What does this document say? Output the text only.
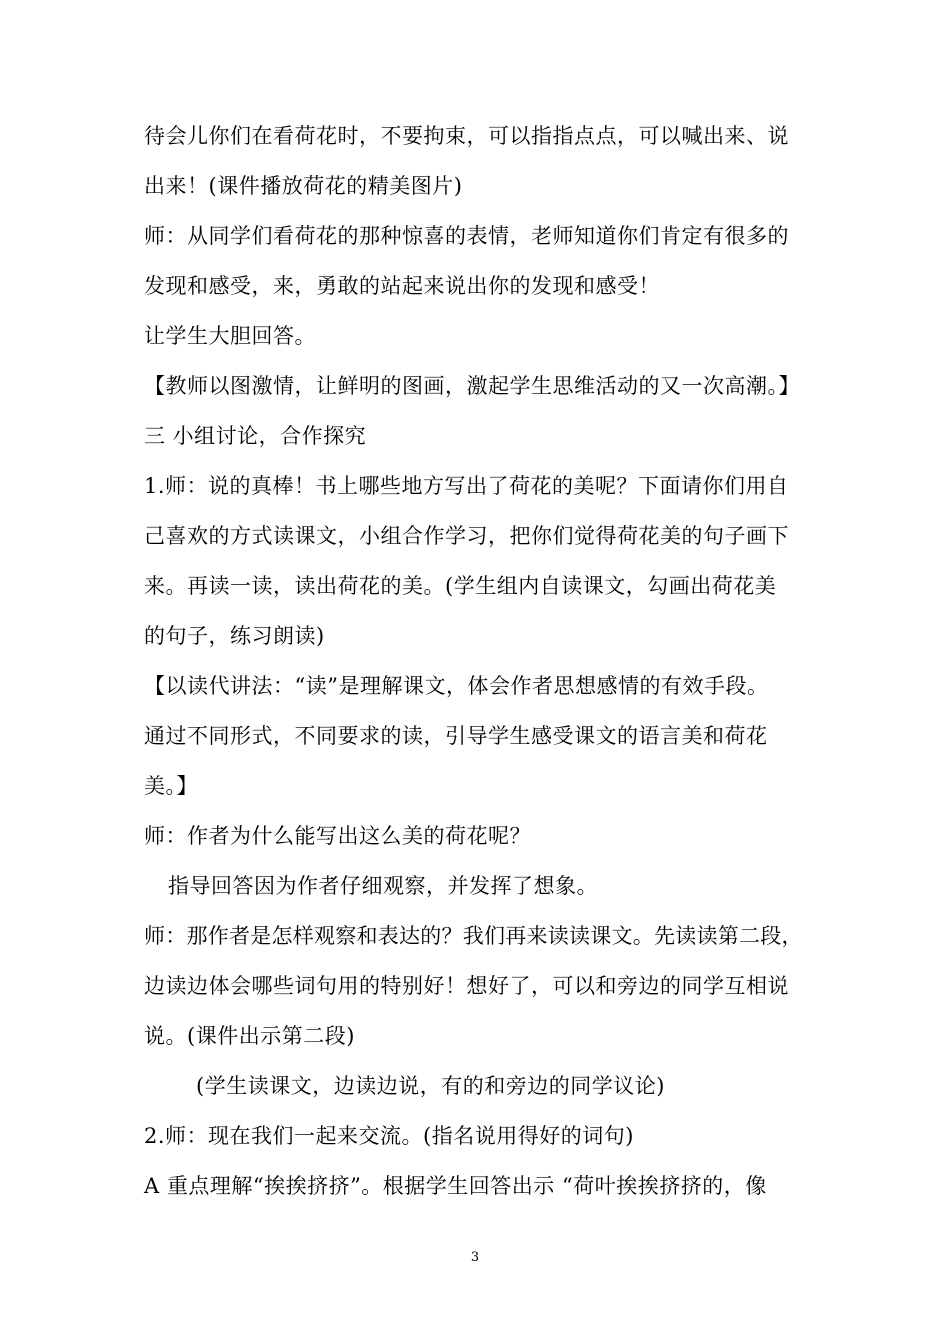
待会儿你们在看荷花时，不要拘束，可以指指点点，可以喊出来、说
出来！(课件播放荷花的精美图片)
师：从同学们看荷花的那种惊喜的表情，老师知道你们肯定有很多的
发现和感受，来，勇敢的站起来说出你的发现和感受！
让学生大胆回答。
【教师以图激情，让鲜明的图画，激起学生思维活动的又一次高潮。】
三 小组讨论，合作探究
1.师：说的真棒！书上哪些地方写出了荷花的美呢？下面请你们用自
己喜欢的方式读课文，小组合作学习，把你们觉得荷花美的句子画下
来。再读一读，读出荷花的美。(学生组内自读课文，勾画出荷花美
的句子，练习朗读)
【以读代讲法：“读”是理解课文，体会作者思想感情的有效手段。
通过不同形式，不同要求的读，引导学生感受课文的语言美和荷花
美。】
师：作者为什么能写出这么美的荷花呢？
指导回答因为作者仔细观察，并发挥了想象。
师：那作者是怎样观察和表达的？我们再来读读课文。先读读第二段，
边读边体会哪些词句用的特别好！想好了，可以和旁边的同学互相说
说。(课件出示第二段)
(学生读课文，边读边说，有的和旁边的同学议论)
2.师：现在我们一起来交流。(指名说用得好的词句)
A 重点理解“挨挨挤挤”。根据学生回答出示 “荷叶挨挨挤挤的，像
3
